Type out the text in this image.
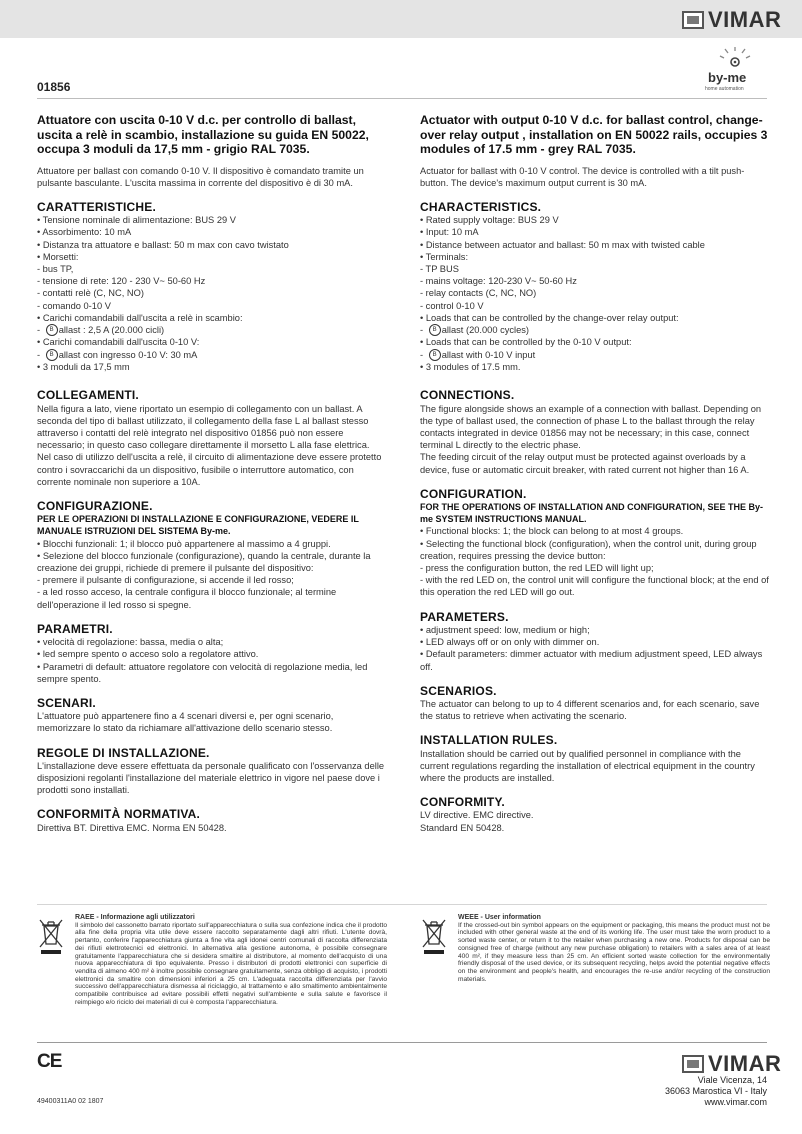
VIMAR
by-me
home automation
01856

Attuatore con uscita 0-10 V d.c. per controllo di ballast, uscita a relè in scambio, installazione su guida EN 50022, occupa 3 moduli da 17,5 mm - grigio RAL 7035.

Attuatore per ballast con comando 0-10 V. Il dispositivo è comandato tramite un pulsante basculante. L'uscita massima in corrente del dispositivo è di 30 mA.

CARATTERISTICHE.

• Tensione nominale di alimentazione: BUS 29 V

• Assorbimento: 10 mA

• Distanza tra attuatore e ballast: 50 m max con cavo twistato

• Morsetti:

- bus TP,

- tensione di rete: 120 - 230 V~ 50-60 Hz

- contatti relè (C, NC, NO)

- comando 0-10 V

• Carichi comandabili dall'uscita a relè in scambio:

- B allast : 2,5 A (20.000 cicli)

• Carichi comandabili dall'uscita 0-10 V:

- B allast con ingresso 0-10 V: 30 mA

• 3 moduli da 17,5 mm

COLLEGAMENTI.

Nella figura a lato, viene riportato un esempio di collegamento con un ballast. A seconda del tipo di ballast utilizzato, il collegamento della fase L al ballast stesso attraverso i contatti del relè integrato nel dispositivo 01856 può non essere necessario; in questo caso collegare direttamente il morsetto L alla fase elettrica.

Nel caso di utilizzo dell'uscita a relè, il circuito di alimentazione deve essere protetto contro i sovraccarichi da un dispositivo, fusibile o interruttore automatico, con corrente nominale non superiore a 10A.

CONFIGURAZIONE.

PER LE OPERAZIONI DI INSTALLAZIONE E CONFIGURAZIONE, VEDERE IL MANUALE ISTRUZIONI DEL SISTEMA By-me.

• Blocchi funzionali: 1; il blocco può appartenere al massimo a 4 gruppi.

• Selezione del blocco funzionale (configurazione), quando la centrale, durante la creazione dei gruppi, richiede di premere il pulsante del dispositivo:

- premere il pulsante di configurazione, si accende il led rosso;

- a led rosso acceso, la centrale configura il blocco funzionale; al termine dell'operazione il led rosso si spegne.

PARAMETRI.

• velocità di regolazione: bassa, media o alta;

• led sempre spento o acceso solo a regolatore attivo.

• Parametri di default: attuatore regolatore con velocità di regolazione media, led sempre spento.

SCENARI.

L'attuatore può appartenere fino a 4 scenari diversi e, per ogni scenario, memorizzare lo stato da richiamare all'attivazione dello scenario stesso.

REGOLE DI INSTALLAZIONE.

L'installazione deve essere effettuata da personale qualificato con l'osservanza delle disposizioni regolanti l'installazione del materiale elettrico in vigore nel paese dove i prodotti sono installati.

CONFORMITÀ NORMATIVA.

Direttiva BT. Direttiva EMC. Norma EN 50428.

Actuator with output 0-10 V d.c. for ballast control, change-over relay output , installation on EN 50022 rails, occupies 3 modules of 17.5 mm - grey RAL 7035.

Actuator for ballast with 0-10 V control. The device is controlled with a tilt push-button. The device's maximum output current is 30 mA.

CHARACTERISTICS.

• Rated supply voltage: BUS 29 V

• Input: 10 mA

• Distance between actuator and ballast: 50 m max with twisted cable

• Terminals:

- TP BUS

- mains voltage: 120-230 V~ 50-60 Hz

- relay contacts (C, NC, NO)

- control 0-10 V

• Loads that can be controlled by the change-over relay output:

- B allast (20.000 cycles)

• Loads that can be controlled by the 0-10 V output:

- B allast with 0-10 V input

• 3 modules of 17.5 mm.

CONNECTIONS.

The figure alongside shows an example of a connection with ballast. Depending on the type of ballast used, the connection of phase L to the ballast through the relay contacts integrated in device 01856 may not be necessary; in this case, connect terminal L directly to the electric phase.

The feeding circuit of the relay output must be protected against overloads by a device, fuse or automatic circuit breaker, with rated current not higher than 16 A.

CONFIGURATION.

FOR THE OPERATIONS OF INSTALLATION AND CONFIGURATION, SEE THE By-me SYSTEM INSTRUCTIONS MANUAL.

• Functional blocks: 1; the block can belong to at most 4 groups.

• Selecting the functional block (configuration), when the control unit, during group creation, requires pressing the device button:

- press the configuration button, the red LED will light up;

- with the red LED on, the control unit will configure the functional block; at the end of this operation the red LED will go out.

PARAMETERS.

• adjustment speed: low, medium or high;

• LED always off or on only with dimmer on.

• Default parameters: dimmer actuator with medium adjustment speed, LED always off.

SCENARIOS.

The actuator can belong to up to 4 different scenarios and, for each scenario, save the status to retrieve when activating the scenario.

INSTALLATION RULES.

Installation should be carried out by qualified personnel in compliance with the current regulations regarding the installation of electrical equipment in the country where the products are installed.

CONFORMITY.

LV directive. EMC directive.

Standard EN 50428.

RAEE - Informazione agli utilizzatori

Il simbolo del cassonetto barrato riportato sull'apparecchiatura o sulla sua confezione indica che il prodotto alla fine della propria vita utile deve essere raccolto separatamente dagli altri rifiuti. L'utente dovrà, pertanto, conferire l'apparecchiatura giunta a fine vita agli idonei centri comunali di raccolta differenziata dei rifiuti elettrotecnici ed elettronici. In alternativa alla gestione autonoma, è possibile consegnare gratuitamente l'apparecchiatura che si desidera smaltire al distributore, al momento dell'acquisto di una nuova apparecchiatura di tipo equivalente. Presso i distributori di prodotti elettronici con superficie di vendita di almeno 400 m² è inoltre possibile consegnare gratuitamente, senza obbligo di acquisto, i prodotti elettronici da smaltire con dimensioni inferiori a 25 cm. L'adeguata raccolta differenziata per l'avvio successivo dell'apparecchiatura dismessa al riciclaggio, al trattamento e allo smaltimento ambientalmente compatibile contribuisce ad evitare possibili effetti negativi sull'ambiente e sulla salute e favorisce il reimpiego e/o riciclo dei materiali di cui è composta l'apparecchiatura.

WEEE - User information

If the crossed-out bin symbol appears on the equipment or packaging, this means the product must not be included with other general waste at the end of its working life. The user must take the worn product to a sorted waste center, or return it to the retailer when purchasing a new one. Products for disposal can be consigned free of charge (without any new purchase obligation) to retailers with a sales area of at least 400 m², if they measure less than 25 cm. An efficient sorted waste collection for the environmentally friendly disposal of the used device, or its subsequent recycling, helps avoid the potential negative effects on the environment and people's health, and encourages the re-use and/or recycling of the construction materials.

CE
49400311A0 02 1807
VIMAR
Viale Vicenza, 14
36063 Marostica VI - Italy
www.vimar.com
